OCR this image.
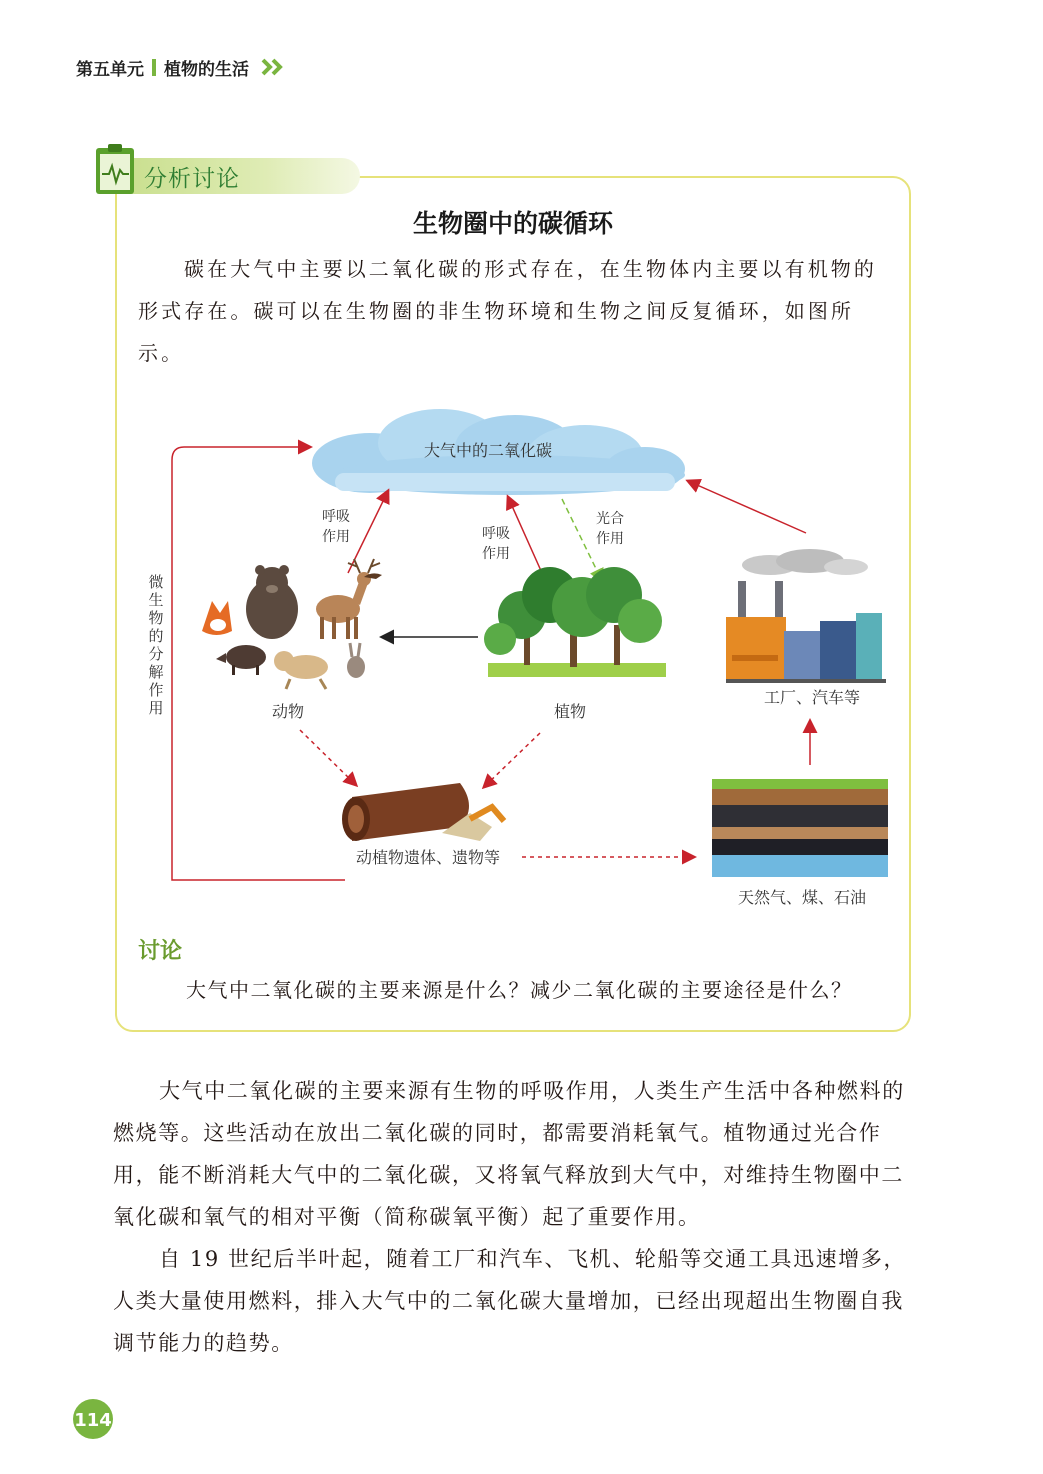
第五单元 植物的生活
分析讨论
生物圈中的碳循环
碳在大气中主要以二氧化碳的形式存在，在生物体内主要以有机物的形式存在。碳可以在生物圈的非生物环境和生物之间反复循环，如图所示。
大气中的二氧化碳
微
生
物
的
分
解
作
用
呼吸
作用	呼吸
作用
光合
作用
动物	植物
工厂、汽车等
动植物遗体、遗物等
天然气、煤、石油
讨论
大气中二氧化碳的主要来源是什么？减少二氧化碳的主要途径是什么？

大气中二氧化碳的主要来源有生物的呼吸作用，人类生产生活中各种燃料的燃烧等。这些活动在放出二氧化碳的同时，都需要消耗氧气。植物通过光合作用，能不断消耗大气中的二氧化碳，又将氧气释放到大气中，对维持生物圈中二氧化碳和氧气的相对平衡（简称碳氧平衡）起了重要作用。

自 19 世纪后半叶起，随着工厂和汽车、飞机、轮船等交通工具迅速增多，人类大量使用燃料，排入大气中的二氧化碳大量增加，已经出现超出生物圈自我调节能力的趋势。

114
